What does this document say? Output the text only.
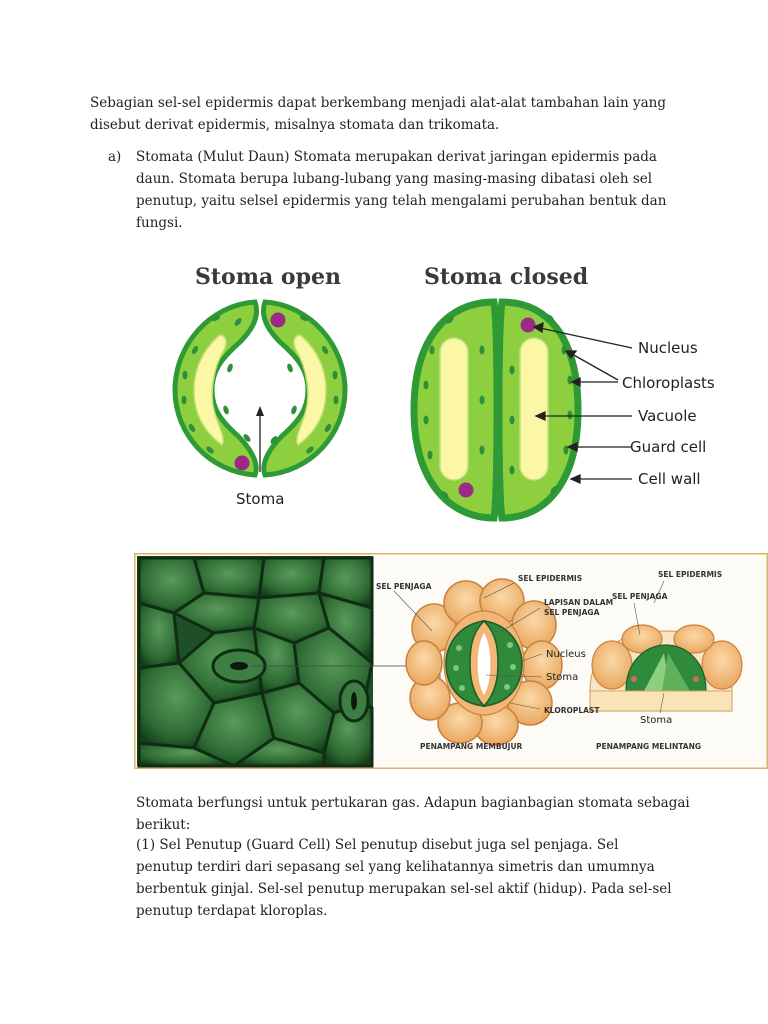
Sebagian sel-sel epidermis dapat berkembang menjadi alat-alat tambahan lain yang disebut derivat epidermis, misalnya stomata dan trikomata.
a) Stomata (Mulut Daun) Stomata merupakan derivat jaringan epidermis pada daun. Stomata berupa lubang-lubang yang masing-masing dibatasi oleh sel penutup, yaitu selsel epidermis yang telah mengalami perubahan bentuk dan fungsi.
Stoma open	Stoma closed
Stoma
Nucleus
Chloroplasts
Vacuole
Guard cell
Cell wall
SEL PENJAGA
SEL EPIDERMIS
LAPISAN DALAM
SEL PENJAGA
Nucleus
Stoma
KLOROPLAST
PENAMPANG MEMBUJUR
SEL EPIDERMIS
SEL PENJAGA
Stoma
PENAMPANG MELINTANG
Stomata berfungsi untuk pertukaran gas. Adapun bagianbagian stomata sebagai berikut:
(1) Sel Penutup (Guard Cell) Sel penutup disebut juga sel penjaga. Sel penutup terdiri dari sepasang sel yang kelihatannya simetris dan umumnya berbentuk ginjal. Sel-sel penutup merupakan sel-sel aktif (hidup). Pada sel-sel penutup terdapat kloroplas.
